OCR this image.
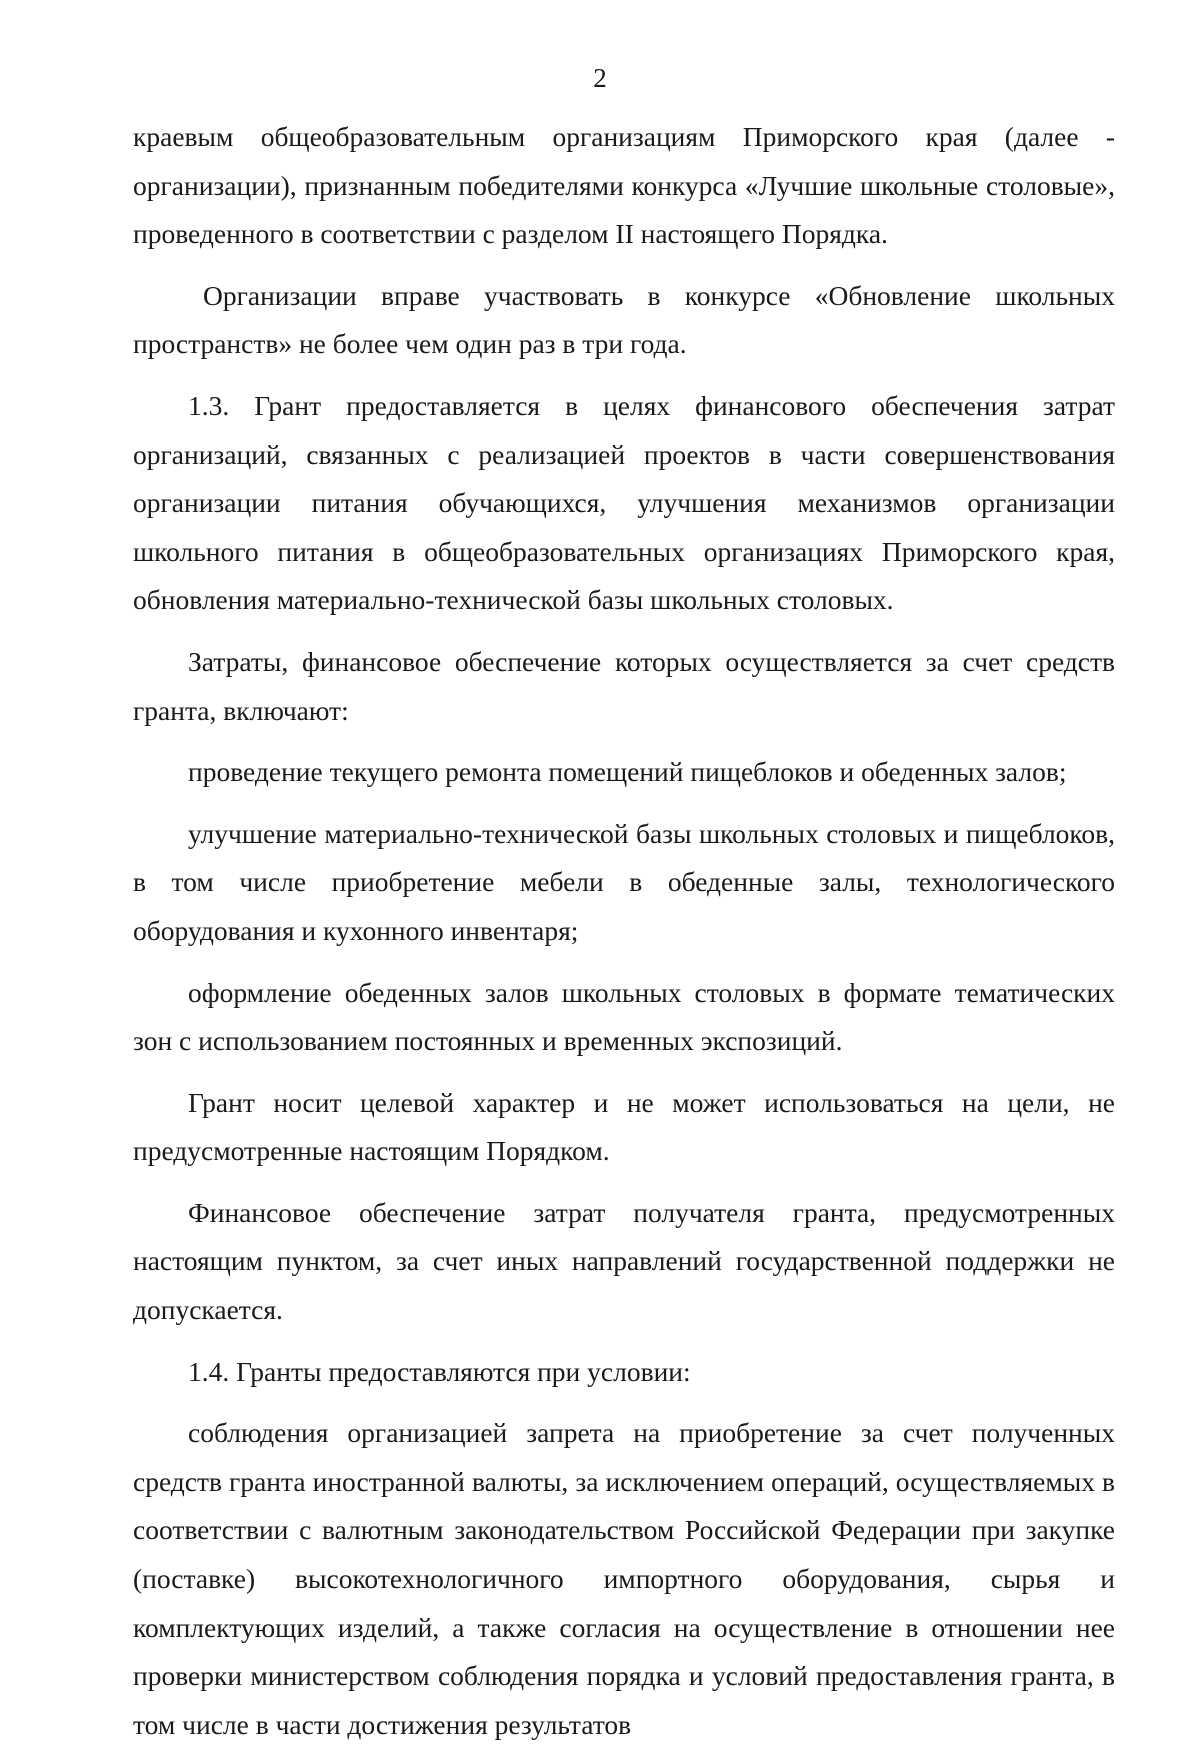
2

краевым общеобразовательным организациям Приморского края (далее - организации), признанным победителями конкурса «Лучшие школьные столовые», проведенного в соответствии с разделом II настоящего Порядка.

Организации вправе участвовать в конкурсе «Обновление школьных пространств» не более чем один раз в три года.

1.3. Грант предоставляется в целях финансового обеспечения затрат организаций, связанных с реализацией проектов в части совершенствования организации питания обучающихся, улучшения механизмов организации школьного питания в общеобразовательных организациях Приморского края, обновления материально-технической базы школьных столовых.

Затраты, финансовое обеспечение которых осуществляется за счет средств гранта, включают:

проведение текущего ремонта помещений пищеблоков и обеденных залов;

улучшение материально-технической базы школьных столовых и пищеблоков, в том числе приобретение мебели в обеденные залы, технологического оборудования и кухонного инвентаря;

оформление обеденных залов школьных столовых в формате тематических зон с использованием постоянных и временных экспозиций.

Грант носит целевой характер и не может использоваться на цели, не предусмотренные настоящим Порядком.

Финансовое обеспечение затрат получателя гранта, предусмотренных настоящим пунктом, за счет иных направлений государственной поддержки не допускается.

1.4. Гранты предоставляются при условии:

соблюдения организацией запрета на приобретение за счет полученных средств гранта иностранной валюты, за исключением операций, осуществляемых в соответствии с валютным законодательством Российской Федерации при закупке (поставке) высокотехнологичного импортного оборудования, сырья и комплектующих изделий, а также согласия на осуществление в отношении нее проверки министерством соблюдения порядка и условий предоставления гранта, в том числе в части достижения результатов
